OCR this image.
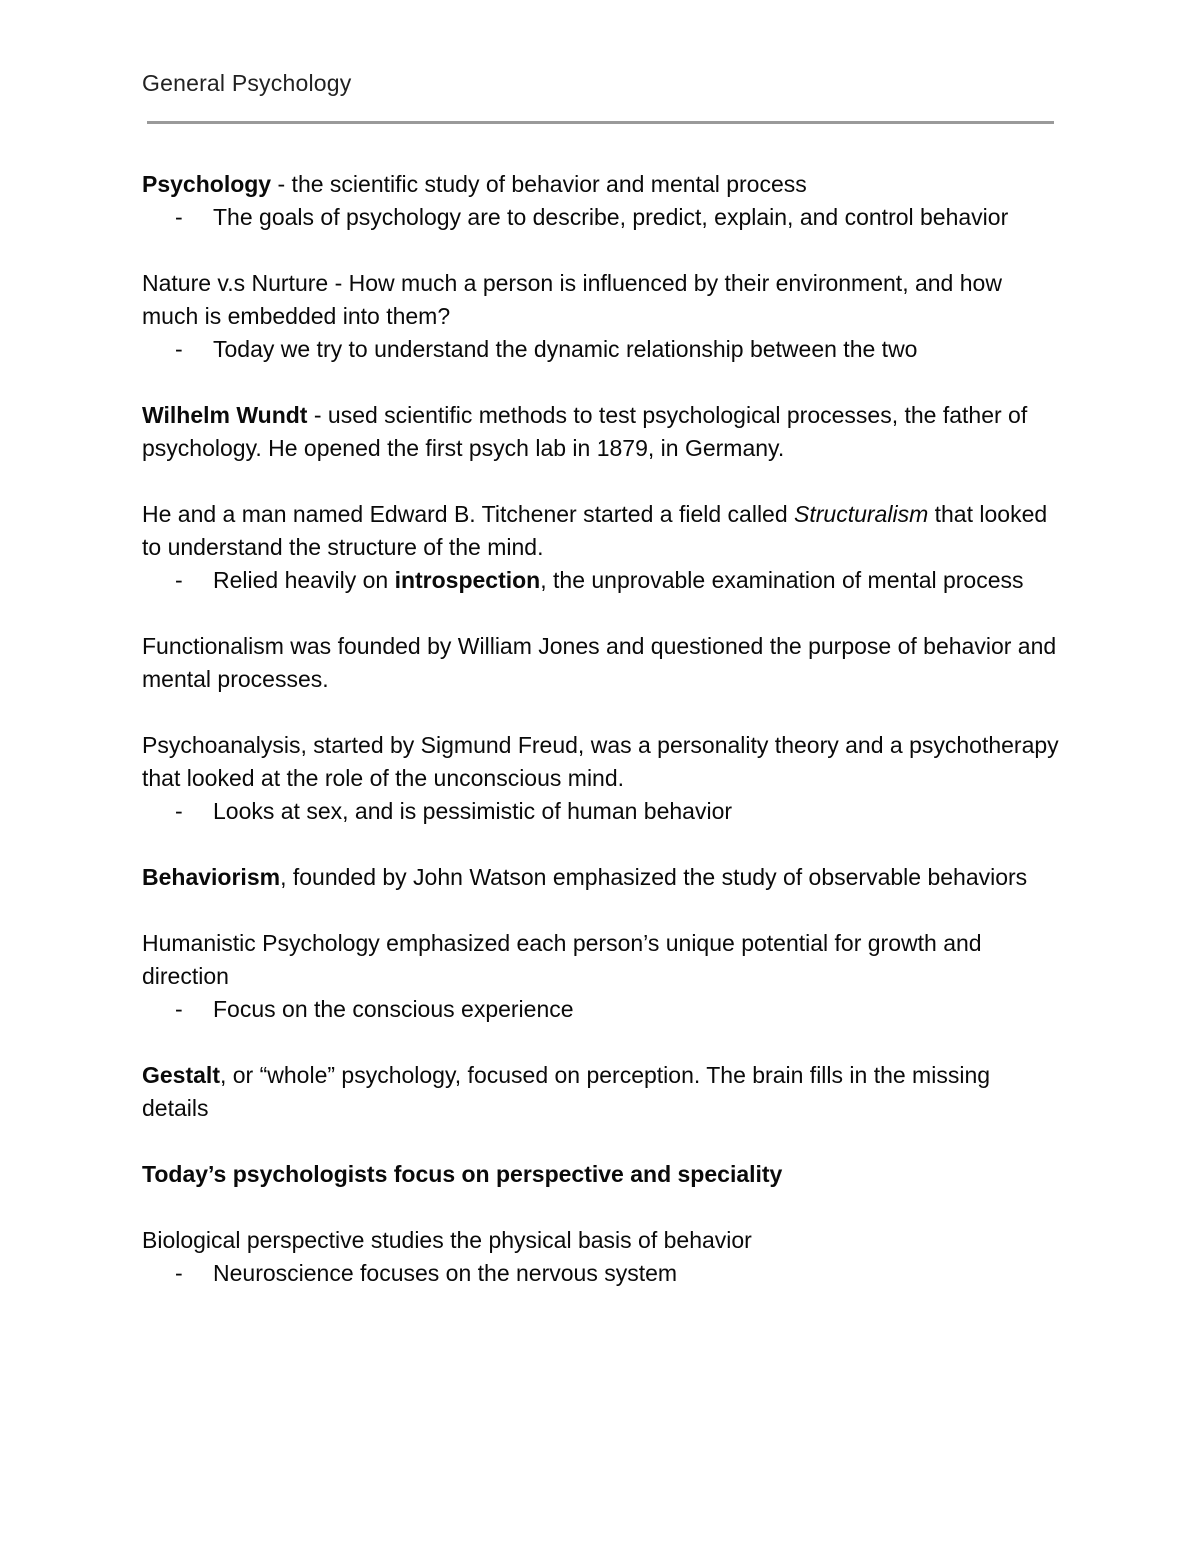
General Psychology

Psychology - the scientific study of behavior and mental process

- The goals of psychology are to describe, predict, explain, and control behavior

Nature v.s Nurture - How much a person is influenced by their environment, and how much is embedded into them?

- Today we try to understand the dynamic relationship between the two

Wilhelm Wundt - used scientific methods to test psychological processes, the father of psychology. He opened the first psych lab in 1879, in Germany.

He and a man named Edward B. Titchener started a field called Structuralism that looked to understand the structure of the mind.

- Relied heavily on introspection, the unprovable examination of mental process

Functionalism was founded by William Jones and questioned the purpose of behavior and mental processes.

Psychoanalysis, started by Sigmund Freud, was a personality theory and a psychotherapy that looked at the role of the unconscious mind.

- Looks at sex, and is pessimistic of human behavior

Behaviorism, founded by John Watson emphasized the study of observable behaviors

Humanistic Psychology emphasized each person’s unique potential for growth and direction

- Focus on the conscious experience

Gestalt, or “whole” psychology, focused on perception. The brain fills in the missing details

Today’s psychologists focus on perspective and speciality

Biological perspective studies the physical basis of behavior

- Neuroscience focuses on the nervous system
